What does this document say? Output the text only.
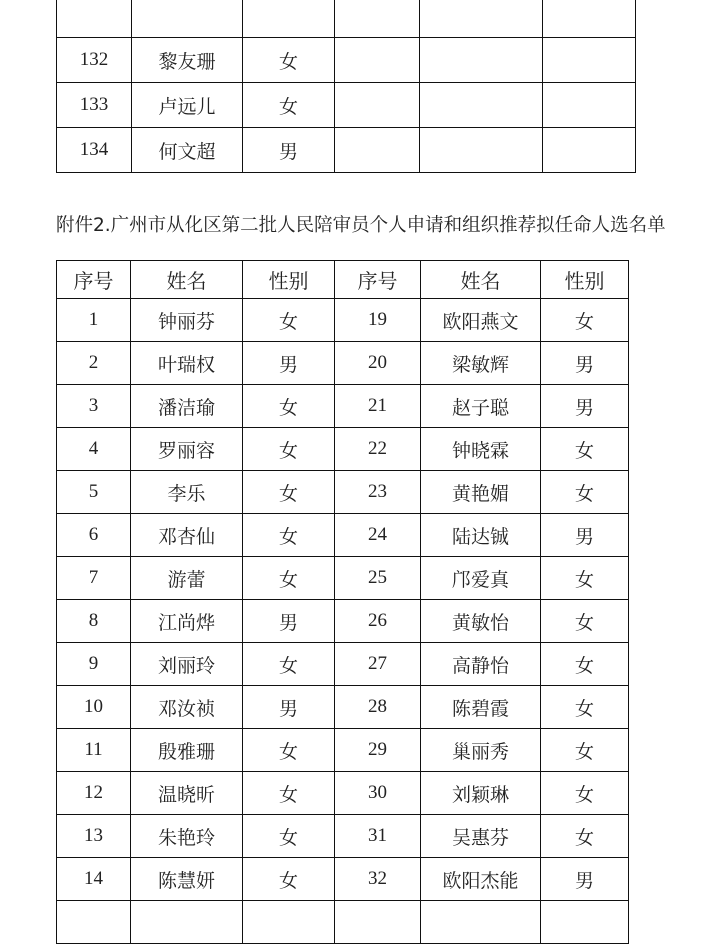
132	黎友珊	女			
133	卢远儿	女			
134	何文超	男			
附件2.广州市从化区第二批人民陪审员个人申请和组织推荐拟任命人选名单
序号	姓名	性别	序号	姓名	性别
1	钟丽芬	女	19	欧阳燕文	女
2	叶瑞权	男	20	梁敏辉	男
3	潘洁瑜	女	21	赵子聪	男
4	罗丽容	女	22	钟晓霖	女
5	李乐	女	23	黄艳媚	女
6	邓杏仙	女	24	陆达铖	男
7	游蕾	女	25	邝爱真	女
8	江尚烨	男	26	黄敏怡	女
9	刘丽玲	女	27	高静怡	女
10	邓汝祯	男	28	陈碧霞	女
11	殷雅珊	女	29	巢丽秀	女
12	温晓昕	女	30	刘颖琳	女
13	朱艳玲	女	31	吴惠芬	女
14	陈慧妍	女	32	欧阳杰能	男
